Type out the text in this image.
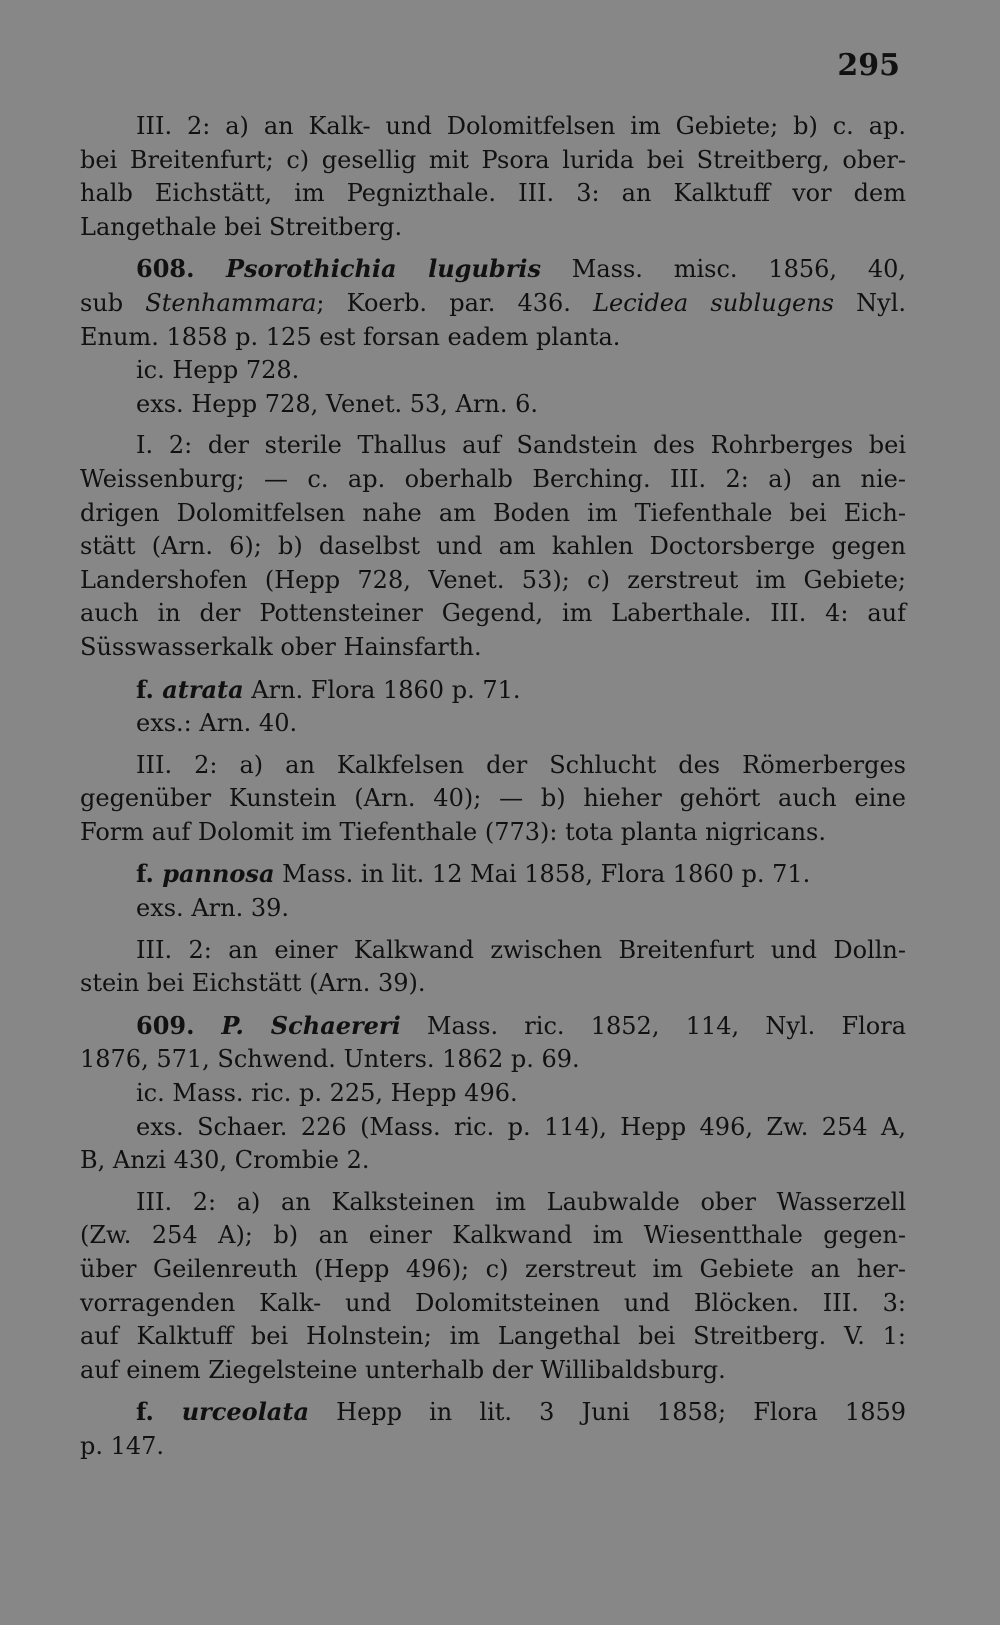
295
III. 2: a) an Kalk- und Dolomitfelsen im Gebiete; b) c. ap.
bei Breitenfurt; c) gesellig mit Psora lurida bei Streitberg, ober-
halb Eichstätt, im Pegnizthale. III. 3: an Kalktuff vor dem
Langethale bei Streitberg.
608. Psorothichia lugubris Mass. misc. 1856, 40,
sub Stenhammara; Koerb. par. 436. Lecidea sublugens Nyl.
Enum. 1858 p. 125 est forsan eadem planta.
ic. Hepp 728.
exs. Hepp 728, Venet. 53, Arn. 6.
I. 2: der sterile Thallus auf Sandstein des Rohrberges bei
Weissenburg; — c. ap. oberhalb Berching. III. 2: a) an nie-
drigen Dolomitfelsen nahe am Boden im Tiefenthale bei Eich-
stätt (Arn. 6); b) daselbst und am kahlen Doctorsberge gegen
Landershofen (Hepp 728, Venet. 53); c) zerstreut im Gebiete;
auch in der Pottensteiner Gegend, im Laberthale. III. 4: auf
Süsswasserkalk ober Hainsfarth.
f. atrata Arn. Flora 1860 p. 71.
exs.: Arn. 40.
III. 2: a) an Kalkfelsen der Schlucht des Römerberges
gegenüber Kunstein (Arn. 40); — b) hieher gehört auch eine
Form auf Dolomit im Tiefenthale (773): tota planta nigricans.
f. pannosa Mass. in lit. 12 Mai 1858, Flora 1860 p. 71.
exs. Arn. 39.
III. 2: an einer Kalkwand zwischen Breitenfurt und Dolln-
stein bei Eichstätt (Arn. 39).
609. P. Schaereri Mass. ric. 1852, 114, Nyl. Flora
1876, 571, Schwend. Unters. 1862 p. 69.
ic. Mass. ric. p. 225, Hepp 496.
exs. Schaer. 226 (Mass. ric. p. 114), Hepp 496, Zw. 254 A,
B, Anzi 430, Crombie 2.
III. 2: a) an Kalksteinen im Laubwalde ober Wasserzell
(Zw. 254 A); b) an einer Kalkwand im Wiesentthale gegen-
über Geilenreuth (Hepp 496); c) zerstreut im Gebiete an her-
vorragenden Kalk- und Dolomitsteinen und Blöcken. III. 3:
auf Kalktuff bei Holnstein; im Langethal bei Streitberg. V. 1:
auf einem Ziegelsteine unterhalb der Willibaldsburg.
f. urceolata Hepp in lit. 3 Juni 1858; Flora 1859
p. 147.
